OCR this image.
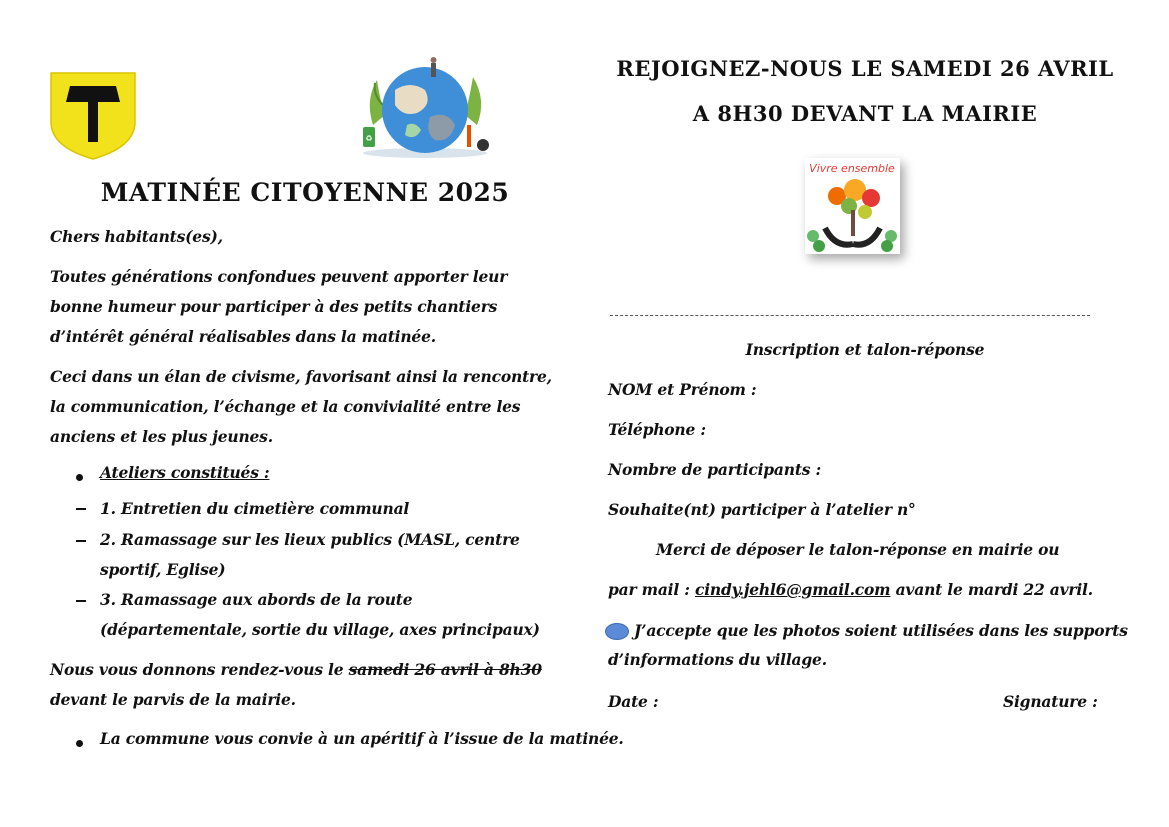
♻
MATINÉE CITOYENNE 2025
Chers habitants(es),
Toutes générations confondues peuvent apporter leur bonne humeur pour participer à des petits chantiers d’intérêt général réalisables dans la matinée.
Ceci dans un élan de civisme, favorisant ainsi la rencontre, la communication, l’échange et la convivialité entre les anciens et les plus jeunes.
Ateliers constitués :
1. Entretien du cimetière communal
2. Ramassage sur les lieux publics (MASL, centre sportif, Eglise)
3. Ramassage aux abords de la route (départementale, sortie du village, axes principaux)
Nous vous donnons rendez-vous le samedi 26 avril à 8h30 devant le parvis de la mairie.
La commune vous convie à un apéritif à l’issue de la matinée.
REJOIGNEZ-NOUS LE SAMEDI 26 AVRIL
A 8H30 DEVANT LA MAIRIE
Vivre ensemble
Inscription et talon-réponse
NOM et Prénom :
Téléphone :
Nombre de participants :
Souhaite(nt) participer à l’atelier n°
Merci de déposer le talon-réponse en mairie ou
par mail : cindy.jehl6@gmail.com avant le mardi 22 avril.
J’accepte que les photos soient utilisées dans les supports
d’informations du village.
Date :	Signature :
